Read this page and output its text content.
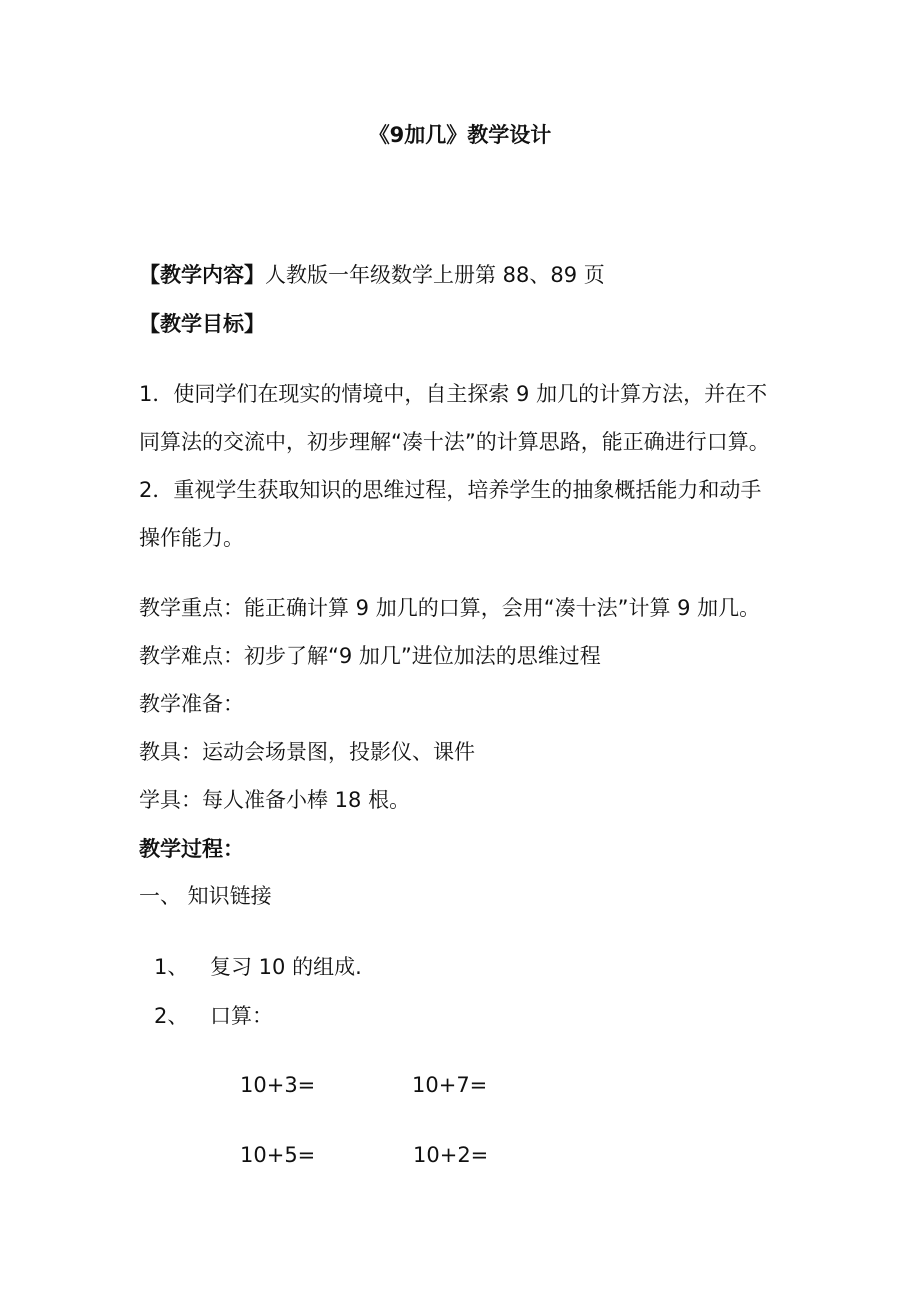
《9加几》教学设计
【教学内容】人教版一年级数学上册第 88、89 页
【教学目标】
1．使同学们在现实的情境中，自主探索 9 加几的计算方法，并在不
同算法的交流中，初步理解“凑十法”的计算思路，能正确进行口算。
2．重视学生获取知识的思维过程，培养学生的抽象概括能力和动手
操作能力。
教学重点：能正确计算 9 加几的口算，会用“凑十法”计算 9 加几。
教学难点：初步了解“9 加几”进位加法的思维过程
教学准备：
教具：运动会场景图，投影仪、课件
学具：每人准备小棒 18 根。
教学过程：
一、 知识链接
1、 复习 10 的组成.
2、 口算：
10+3=	10+7=
10+5=	10+2=
